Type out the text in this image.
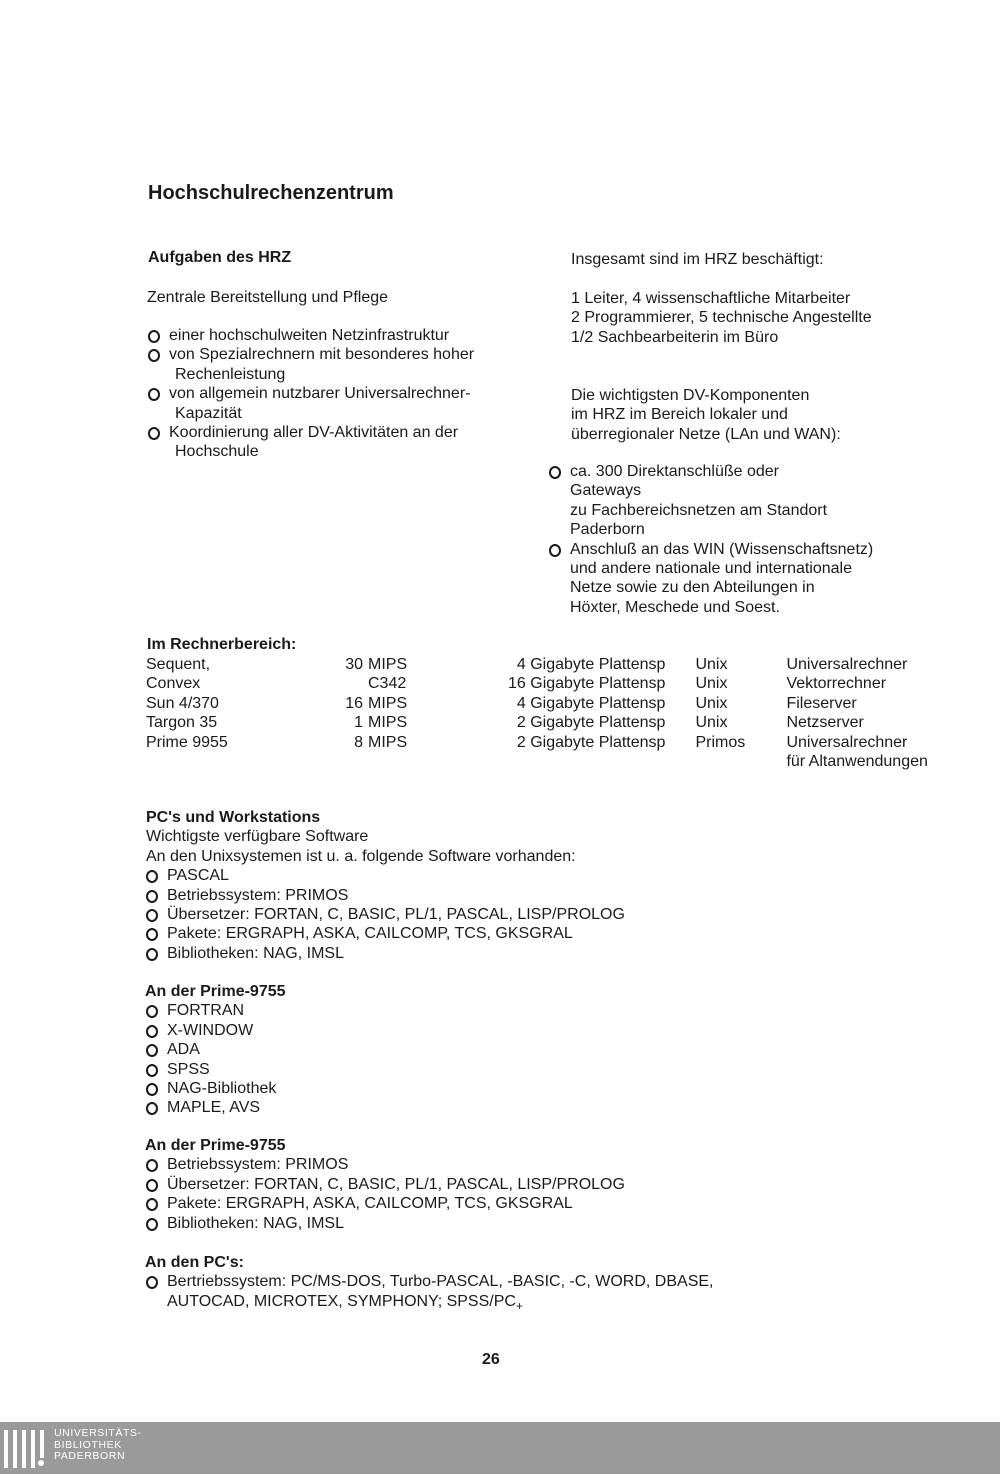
Hochschulrechenzentrum
Aufgaben des HRZ
Zentrale Bereitstellung und Pflege
einer hochschulweiten Netzinfrastruktur
von Spezialrechnern mit besonderes hoher
Rechenleistung
von allgemein nutzbarer Universalrechner-
Kapazität
Koordinierung aller DV-Aktivitäten an der
Hochschule
Insgesamt sind im HRZ beschäftigt:
1 Leiter, 4 wissenschaftliche Mitarbeiter
2 Programmierer, 5 technische Angestellte
1/2 Sachbearbeiterin im Büro
Die wichtigsten DV-Komponenten
im HRZ im Bereich lokaler und
überregionaler Netze (LAn und WAN):
ca. 300 Direktanschlüße oder
Gateways
zu Fachbereichsnetzen am Standort
Paderborn
Anschluß an das WIN (Wissenschaftsnetz)
und andere nationale und internationale
Netze sowie zu den Abteilungen in
Höxter, Meschede und Soest.
Im Rechnerbereich:
Sequent,	30	MIPS	4 Gigabyte Plattensp	Unix	Universalrechner
Convex		C342	16 Gigabyte Plattensp	Unix	Vektorrechner
Sun 4/370	16	MIPS	4 Gigabyte Plattensp	Unix	Fileserver
Targon 35	1	MIPS	2 Gigabyte Plattensp	Unix	Netzserver
Prime 9955	8	MIPS	2 Gigabyte Plattensp	Primos	Universalrechner
für Altanwendungen
PC's und Workstations
Wichtigste verfügbare Software
An den Unixsystemen ist u. a. folgende Software vorhanden:
PASCAL
Betriebssystem: PRIMOS
Übersetzer: FORTAN, C, BASIC, PL/1, PASCAL, LISP/PROLOG
Pakete: ERGRAPH, ASKA, CAILCOMP, TCS, GKSGRAL
Bibliotheken: NAG, IMSL
An der Prime-9755
FORTRAN
X-WINDOW
ADA
SPSS
NAG-Bibliothek
MAPLE, AVS
An der Prime-9755
Betriebssystem: PRIMOS
Übersetzer: FORTAN, C, BASIC, PL/1, PASCAL, LISP/PROLOG
Pakete: ERGRAPH, ASKA, CAILCOMP, TCS, GKSGRAL
Bibliotheken: NAG, IMSL
An den PC's:
Bertriebssystem: PC/MS-DOS, Turbo-PASCAL, -BASIC, -C, WORD, DBASE,
AUTOCAD, MICROTEX, SYMPHONY; SPSS/$PC_+$
26
UNIVERSITÄTS-
BIBLIOTHEK
PADERBORN
